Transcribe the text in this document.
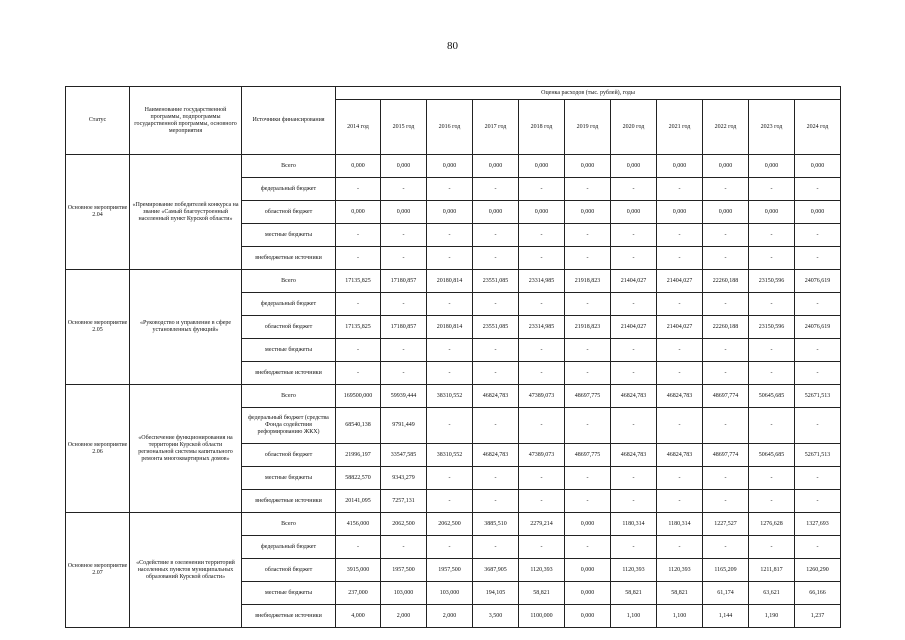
80
Статус	Наименование государственной программы, подпрограммы государственной программы, основного мероприятия	Источники финансирования	Оценка расходов (тыс. рублей), годы										
			2014 год	2015 год	2016 год	2017 год	2018 год	2019 год	2020 год	2021 год	2022 год	2023 год	2024 год
Основное мероприятие 2.04	«Премирование победителей конкурса на звание «Самый благоустроенный населенный пункт Курской области»	Всего	0,000	0,000	0,000	0,000	0,000	0,000	0,000	0,000	0,000	0,000	0,000
		федеральный бюджет	-	-	-	-	-	-	-	-	-	-	-
		областной бюджет	0,000	0,000	0,000	0,000	0,000	0,000	0,000	0,000	0,000	0,000	0,000
		местные бюджеты	-	-	-	-	-	-	-	-	-	-	-
		внебюджетные источники	-	-	-	-	-	-	-	-	-	-	-
Основное мероприятие 2.05	«Руководство и управление в сфере установленных функций»	Всего	17135,825	17180,857	20180,814	23551,085	23314,985	21918,823	21404,027	21404,027	22260,188	23150,596	24076,619
		федеральный бюджет	-	-	-	-	-	-	-	-	-	-	-
		областной бюджет	17135,825	17180,857	20180,814	23551,085	23314,985	21918,823	21404,027	21404,027	22260,188	23150,596	24076,619
		местные бюджеты	-	-	-	-	-	-	-	-	-	-	-
		внебюджетные источники	-	-	-	-	-	-	-	-	-	-	-
Основное мероприятие 2.06	«Обеспечение функционирования на территории Курской области региональной системы капитального ремонта многоквартирных домов»	Всего	169500,000	59939,444	38310,552	46824,783	47389,073	48697,775	46824,783	46824,783	48697,774	50645,685	52671,513
		федеральный бюджет (средства Фонда содействия реформированию ЖКХ)	68540,138	9791,449	-	-	-	-	-	-	-	-	-
		областной бюджет	21996,197	33547,585	38310,552	46824,783	47389,073	48697,775	46824,783	46824,783	48697,774	50645,685	52671,513
		местные бюджеты	58822,570	9343,279	-	-	-	-	-	-	-	-	-
		внебюджетные источники	20141,095	7257,131	-	-	-	-	-	-	-	-	-
Основное мероприятие 2.07	«Содействие в озеленении территорий населенных пунктов муниципальных образований Курской области»	Всего	4156,000	2062,500	2062,500	3885,510	2279,214	0,000	1180,314	1180,314	1227,527	1276,628	1327,693
		федеральный бюджет	-	-	-	-	-	-	-	-	-	-	-
		областной бюджет	3915,000	1957,500	1957,500	3687,905	1120,393	0,000	1120,393	1120,393	1165,209	1211,817	1260,290
		местные бюджеты	237,000	103,000	103,000	194,105	58,821	0,000	58,821	58,821	61,174	63,621	66,166
		внебюджетные источники	4,000	2,000	2,000	3,500	1100,000	0,000	1,100	1,100	1,144	1,190	1,237
